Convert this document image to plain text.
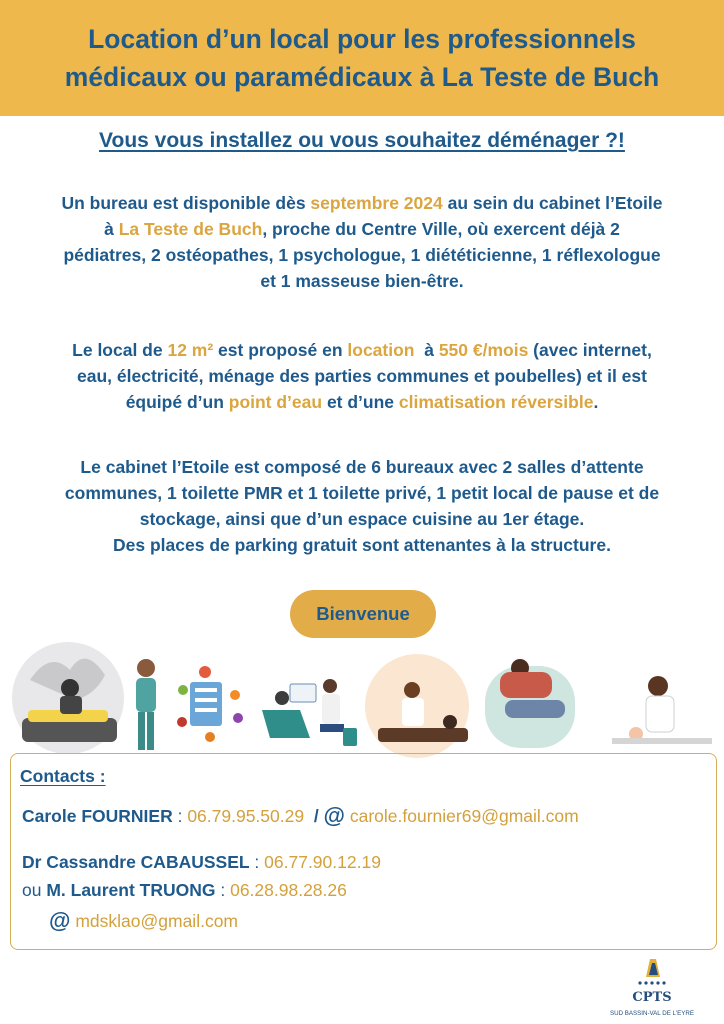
Location d’un local pour les professionnels
médicaux ou paramédicaux à La Teste de Buch
Vous vous installez ou vous souhaitez déménager ?!
Un bureau est disponible dès septembre 2024 au sein du cabinet l’Etoile
à La Teste de Buch, proche du Centre Ville, où exercent déjà 2
pédiatres, 2 ostéopathes, 1 psychologue, 1 diététicienne, 1 réflexologue
et 1 masseuse bien-être.
Le local de 12 m² est proposé en location  à 550 €/mois (avec internet,
eau, électricité, ménage des parties communes et poubelles) et il est
équipé d’un point d’eau et d’une climatisation réversible.
Le cabinet l’Etoile est composé de 6 bureaux avec 2 salles d’attente
communes, 1 toilette PMR et 1 toilette privé, 1 petit local de pause et de
stockage, ainsi que d’un espace cuisine au 1er étage.
Des places de parking gratuit sont attenantes à la structure.
Bienvenue
Contacts :
Carole FOURNIER : 06.79.95.50.29  / @ carole.fournier69@gmail.com
Dr Cassandre CABAUSSEL : 06.77.90.12.19
ou M. Laurent TRUONG : 06.28.98.28.26
@ mdsklao@gmail.com
CPTS
SUD BASSIN-VAL DE L'EYRE
